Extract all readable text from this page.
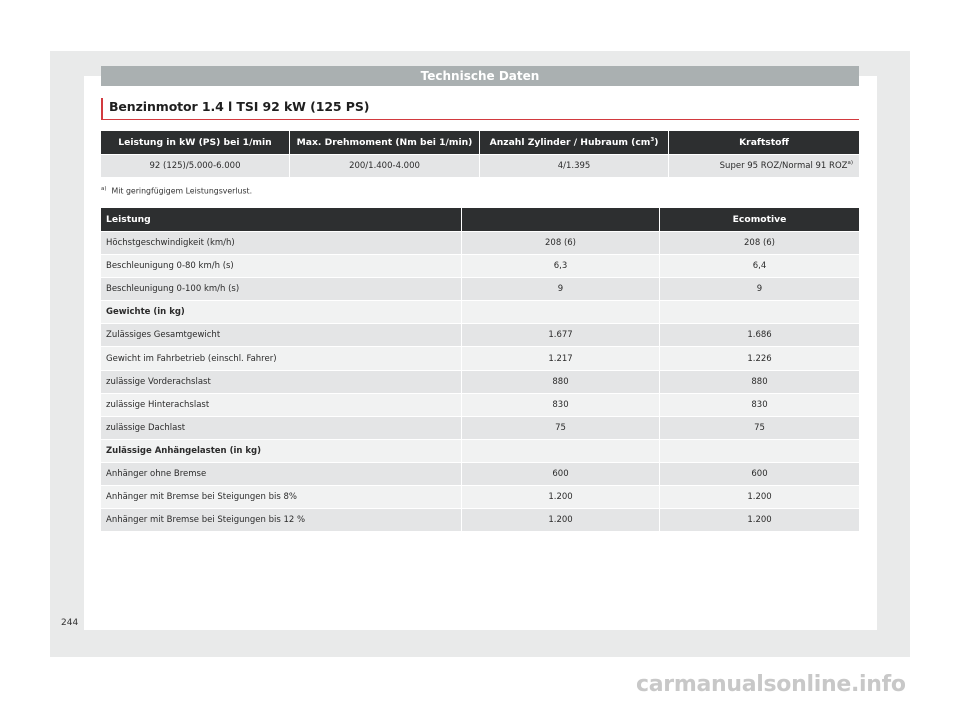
Technische Daten
Benzinmotor 1.4 l TSI 92 kW (125 PS)
Leistung in kW (PS) bei 1/min	Max. Drehmoment (Nm bei 1/min)	Anzahl Zylinder / Hubraum $(cm^3)$	Kraftstoff
92 (125)/5.000-6.000	200/1.400-4.000	4/1.395	Super 95 ROZ/Normal 91 ROZ$^{a)}$
$^{a)}$ Mit geringfügigem Leistungsverlust.
Leistung		Ecomotive
Höchstgeschwindigkeit (km/h)	208 (6)	208 (6)
Beschleunigung 0-80 km/h (s)	6,3	6,4
Beschleunigung 0-100 km/h (s)	9	9
Gewichte (in kg)		
Zulässiges Gesamtgewicht	1.677	1.686
Gewicht im Fahrbetrieb (einschl. Fahrer)	1.217	1.226
zulässige Vorderachslast	880	880
zulässige Hinterachslast	830	830
zulässige Dachlast	75	75
Zulässige Anhängelasten (in kg)		
Anhänger ohne Bremse	600	600
Anhänger mit Bremse bei Steigungen bis 8%	1.200	1.200
Anhänger mit Bremse bei Steigungen bis 12 %	1.200	1.200
244
carmanualsonline.info
